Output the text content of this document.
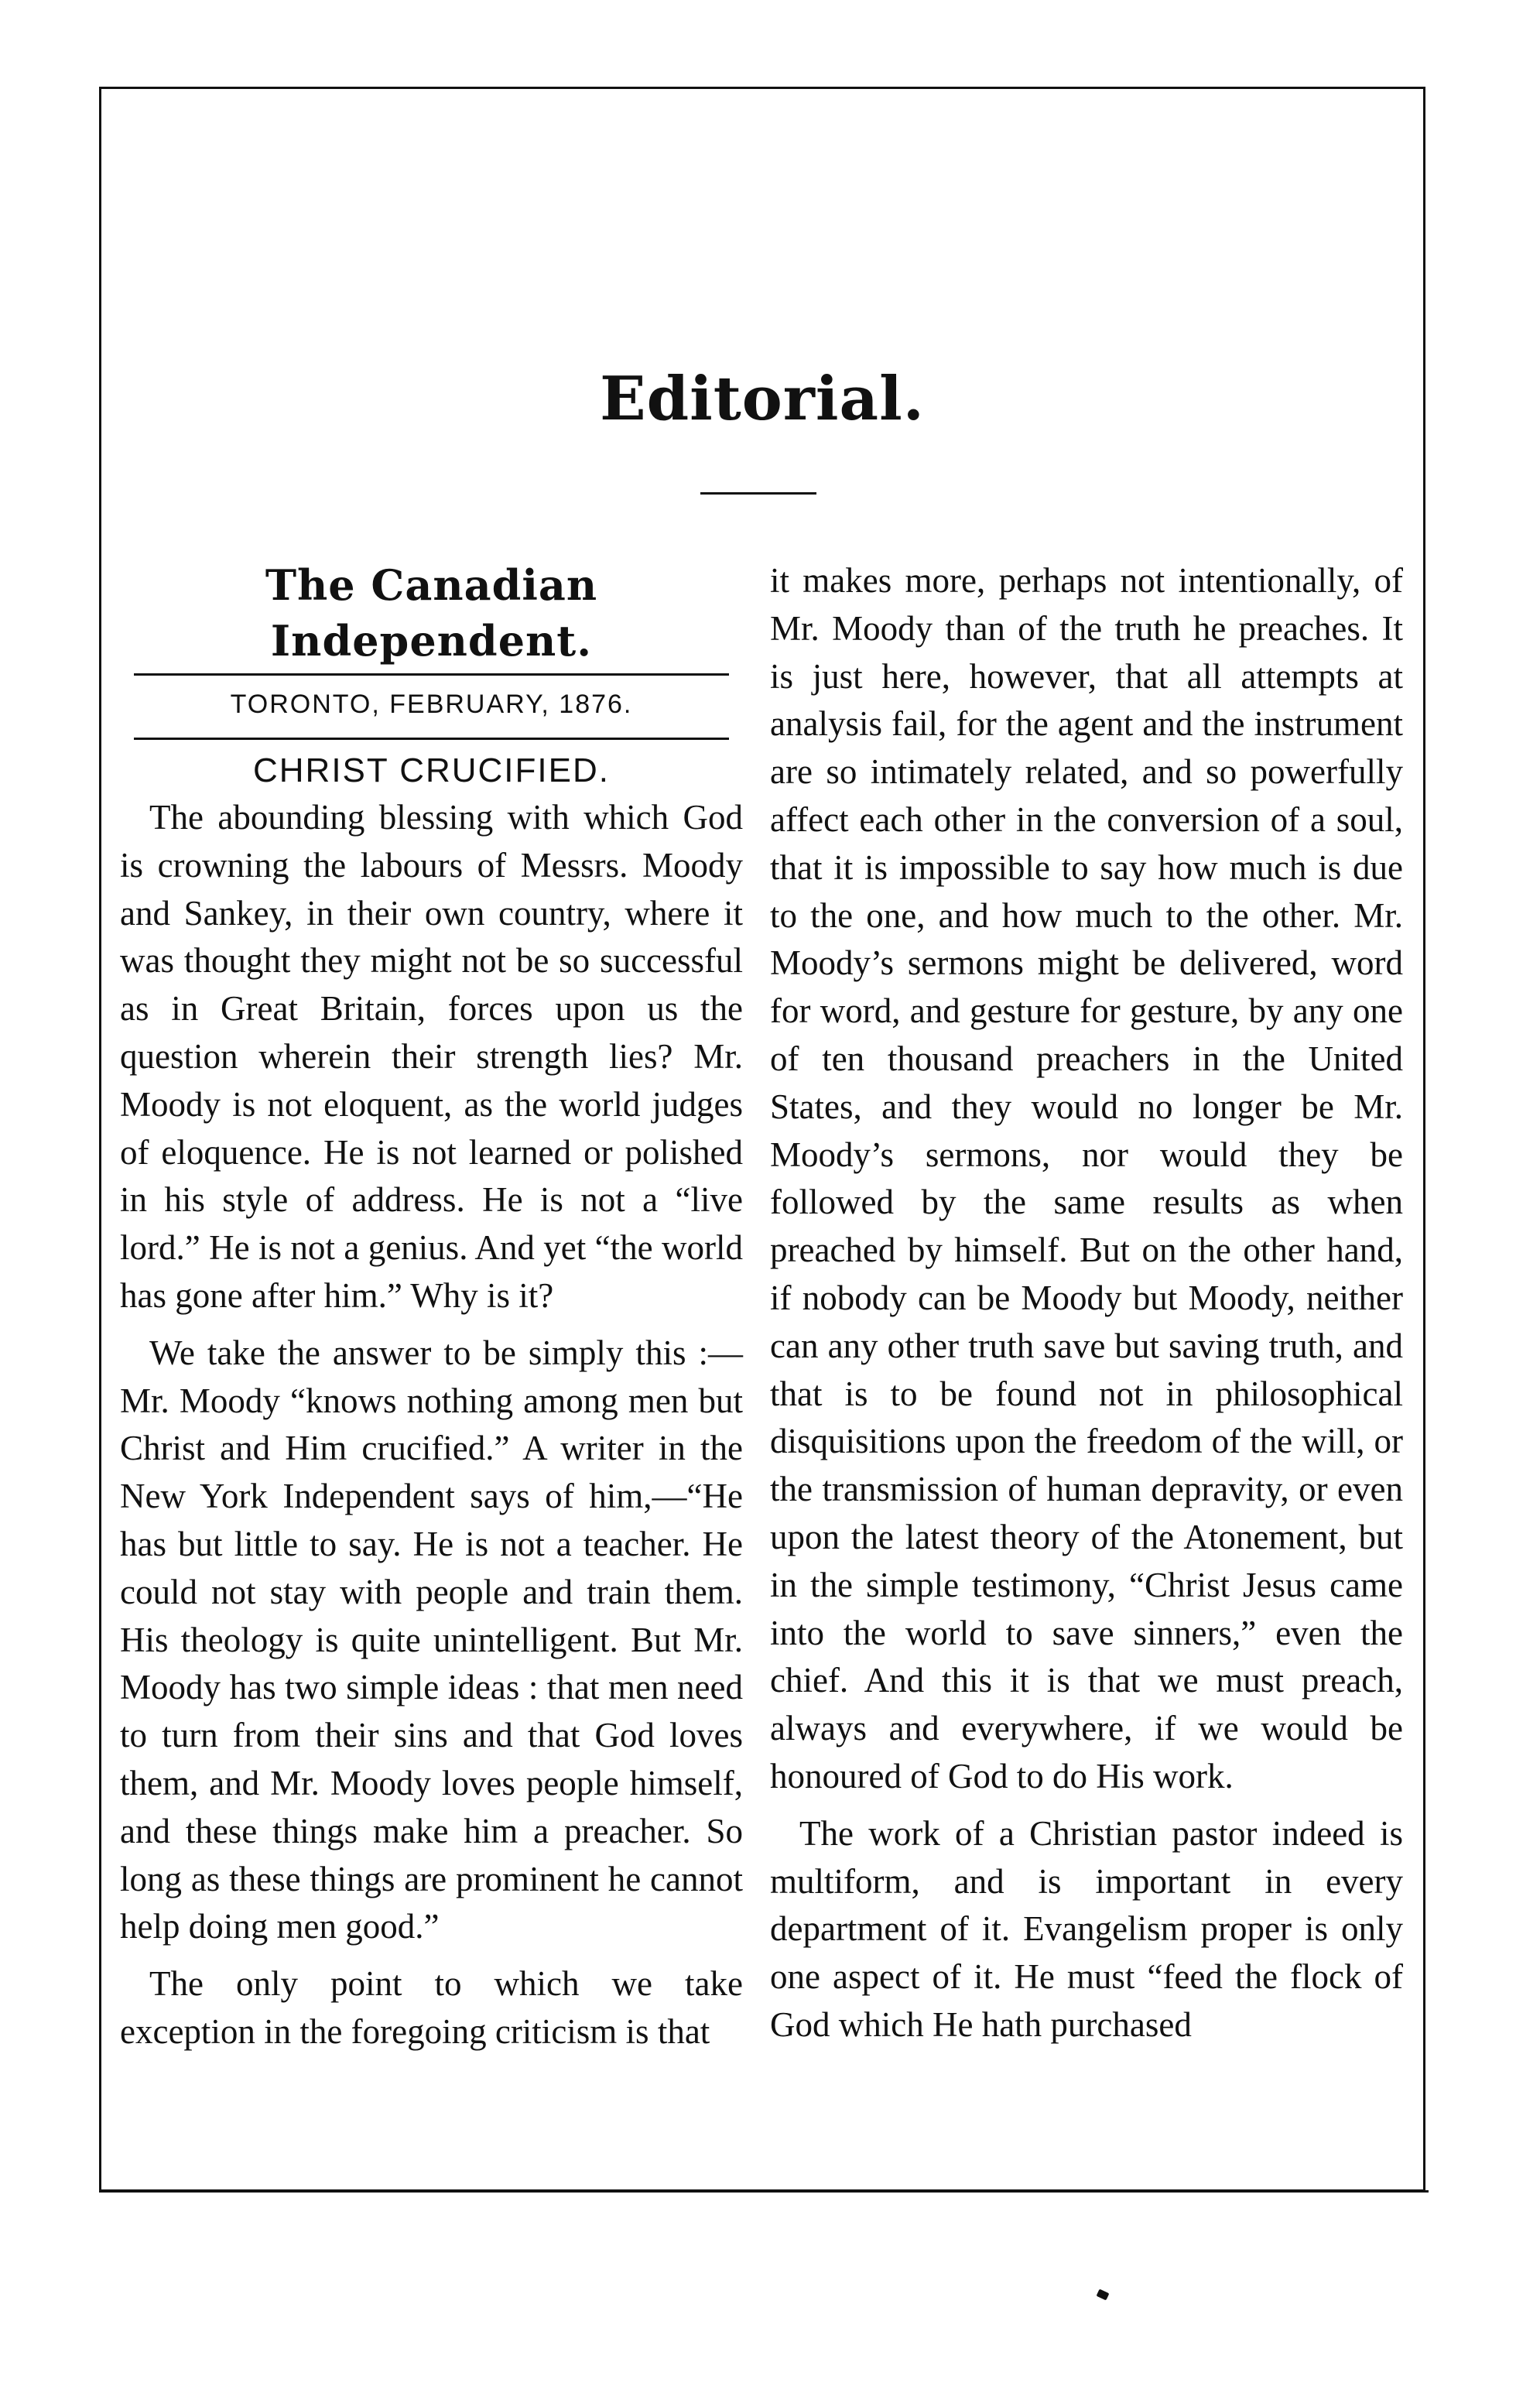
Editorial.
The Canadian Independent.
TORONTO, FEBRUARY, 1876.
CHRIST CRUCIFIED.

The abounding blessing with which God is crowning the labours of Messrs. Moody and Sankey, in their own country, where it was thought they might not be so successful as in Great Britain, forces upon us the question wherein their strength lies? Mr. Moody is not eloquent, as the world judges of eloquence. He is not learned or polished in his style of address. He is not a “live lord.” He is not a genius. And yet “the world has gone after him.” Why is it?

We take the answer to be simply this :—Mr. Moody “knows nothing among men but Christ and Him crucified.” A writer in the New York Independent says of him,—“He has but little to say. He is not a teacher. He could not stay with people and train them. His theology is quite unintelligent. But Mr. Moody has two simple ideas : that men need to turn from their sins and that God loves them, and Mr. Moody loves people himself, and these things make him a preacher. So long as these things are prominent he cannot help doing men good.”

The only point to which we take exception in the foregoing criticism is that

it makes more, perhaps not intentionally, of Mr. Moody than of the truth he preaches. It is just here, however, that all attempts at analysis fail, for the agent and the instrument are so intimately related, and so powerfully affect each other in the conversion of a soul, that it is impossible to say how much is due to the one, and how much to the other. Mr. Moody’s sermons might be delivered, word for word, and gesture for gesture, by any one of ten thousand preachers in the United States, and they would no longer be Mr. Moody’s sermons, nor would they be followed by the same results as when preached by himself. But on the other hand, if nobody can be Moody but Moody, neither can any other truth save but saving truth, and that is to be found not in philosophical disquisitions upon the freedom of the will, or the transmission of human depravity, or even upon the latest theory of the Atonement, but in the simple testimony, “Christ Jesus came into the world to save sinners,” even the chief. And this it is that we must preach, always and everywhere, if we would be honoured of God to do His work.

The work of a Christian pastor indeed is multiform, and is important in every department of it. Evangelism proper is only one aspect of it. He must “feed the flock of God which He hath purchased
